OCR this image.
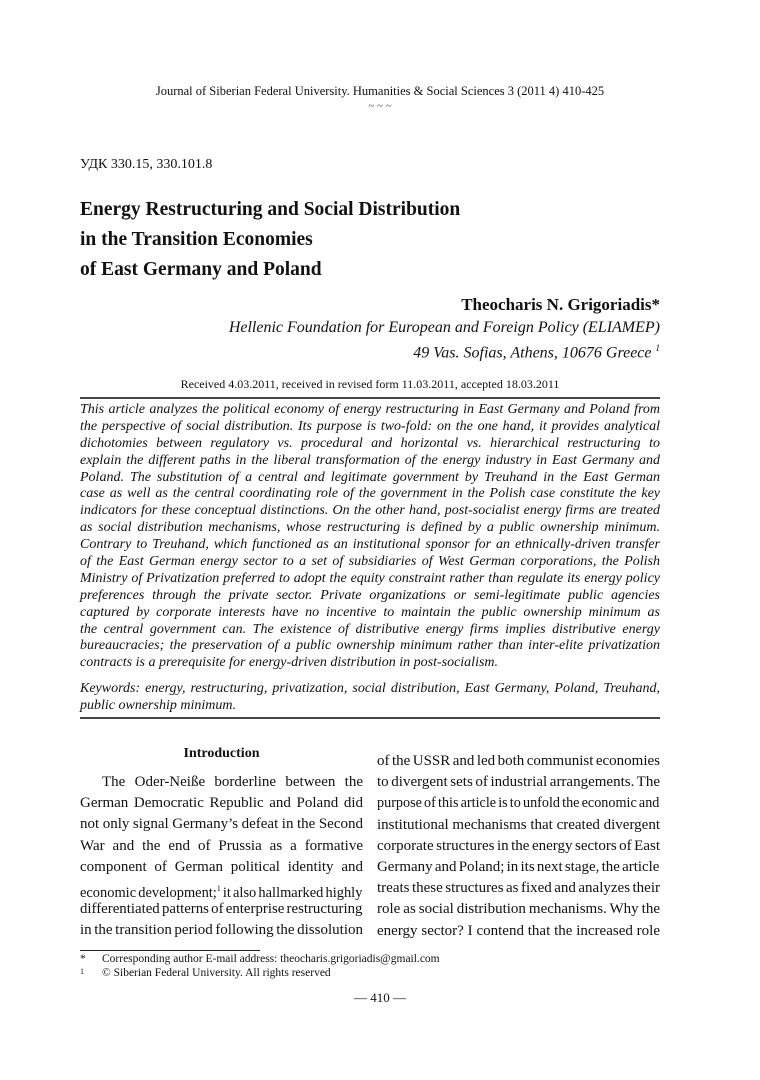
Journal of Siberian Federal University. Humanities & Social Sciences 3 (2011 4) 410-425
~ ~ ~
УДК 330.15, 330.101.8
Energy Restructuring and Social Distribution
in the Transition Economies
of East Germany and Poland
Theocharis N. Grigoriadis*
Hellenic Foundation for European and Foreign Policy (ELIAMEP)
49 Vas. Sofias, Athens, 10676 Greece $^1$
Received 4.03.2011, received in revised form 11.03.2011, accepted 18.03.2011
This article analyzes the political economy of energy restructuring in East Germany and Poland from
the perspective of social distribution. Its purpose is two-fold: on the one hand, it provides analytical
dichotomies between regulatory vs. procedural and horizontal vs. hierarchical restructuring to
explain the different paths in the liberal transformation of the energy industry in East Germany and
Poland. The substitution of a central and legitimate government by Treuhand in the East German
case as well as the central coordinating role of the government in the Polish case constitute the key
indicators for these conceptual distinctions. On the other hand, post-socialist energy firms are treated
as social distribution mechanisms, whose restructuring is defined by a public ownership minimum.
Contrary to Treuhand, which functioned as an institutional sponsor for an ethnically-driven transfer
of the East German energy sector to a set of subsidiaries of West German corporations, the Polish
Ministry of Privatization preferred to adopt the equity constraint rather than regulate its energy policy
preferences through the private sector. Private organizations or semi-legitimate public agencies
captured by corporate interests have no incentive to maintain the public ownership minimum as
the central government can. The existence of distributive energy firms implies distributive energy
bureaucracies; the preservation of a public ownership minimum rather than inter-elite privatization
contracts is a prerequisite for energy-driven distribution in post-socialism.
Keywords: energy, restructuring, privatization, social distribution, East Germany, Poland, Treuhand,
public ownership minimum.
Introduction
The Oder-Neiße borderline between the
German Democratic Republic and Poland did
not only signal Germany’s defeat in the Second
War and the end of Prussia as a formative
component of German political identity and
economic development;$^1$ it also hallmarked highly
differentiated patterns of enterprise restructuring
in the transition period following the dissolution
of the USSR and led both communist economies
to divergent sets of industrial arrangements. The
purpose of this article is to unfold the economic and
institutional mechanisms that created divergent
corporate structures in the energy sectors of East
Germany and Poland; in its next stage, the article
treats these structures as fixed and analyzes their
role as social distribution mechanisms. Why the
energy sector? I contend that the increased role
* Corresponding author E-mail address: theocharis.grigoriadis@gmail.com
1 © Siberian Federal University. All rights reserved
— 410 —
